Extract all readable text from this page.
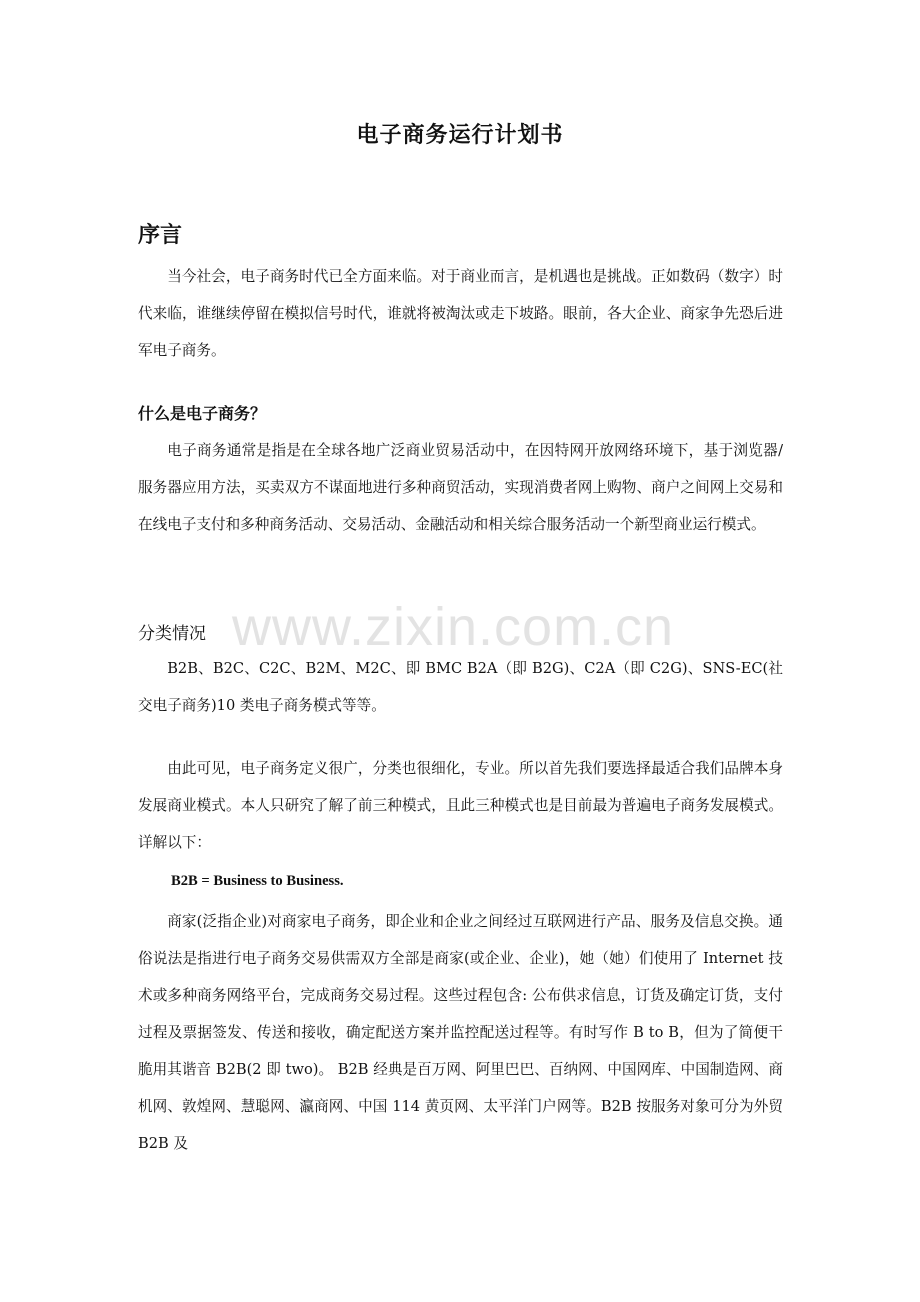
电子商务运行计划书
序言

当今社会，电子商务时代已全方面来临。对于商业而言，是机遇也是挑战。正如数码（数字）时代来临，谁继续停留在模拟信号时代，谁就将被淘汰或走下坡路。眼前，各大企业、商家争先恐后进军电子商务。

什么是电子商务？

电子商务通常是指是在全球各地广泛商业贸易活动中，在因特网开放网络环境下，基于浏览器/服务器应用方法，买卖双方不谋面地进行多种商贸活动，实现消费者网上购物、商户之间网上交易和在线电子支付和多种商务活动、交易活动、金融活动和相关综合服务活动一个新型商业运行模式。

分类情况

B2B、B2C、C2C、B2M、M2C、即 BMC B2A（即 B2G)、C2A（即 C2G)、SNS-EC(社交电子商务)10 类电子商务模式等等。

由此可见，电子商务定义很广，分类也很细化，专业。所以首先我们要选择最适合我们品牌本身发展商业模式。本人只研究了解了前三种模式，且此三种模式也是目前最为普遍电子商务发展模式。详解以下：

B2B = Business to Business.

商家(泛指企业)对商家电子商务，即企业和企业之间经过互联网进行产品、服务及信息交换。通俗说法是指进行电子商务交易供需双方全部是商家(或企业、企业)，她（她）们使用了 Internet 技术或多种商务网络平台，完成商务交易过程。这些过程包含: 公布供求信息，订货及确定订货，支付过程及票据签发、传送和接收，确定配送方案并监控配送过程等。有时写作 B to B，但为了简便干脆用其谐音 B2B(2 即 two)。 B2B 经典是百万网、阿里巴巴、百纳网、中国网库、中国制造网、商机网、敦煌网、慧聪网、瀛商网、中国 114 黄页网、太平洋门户网等。B2B 按服务对象可分为外贸 B2B 及

www.zixin.com.cn
